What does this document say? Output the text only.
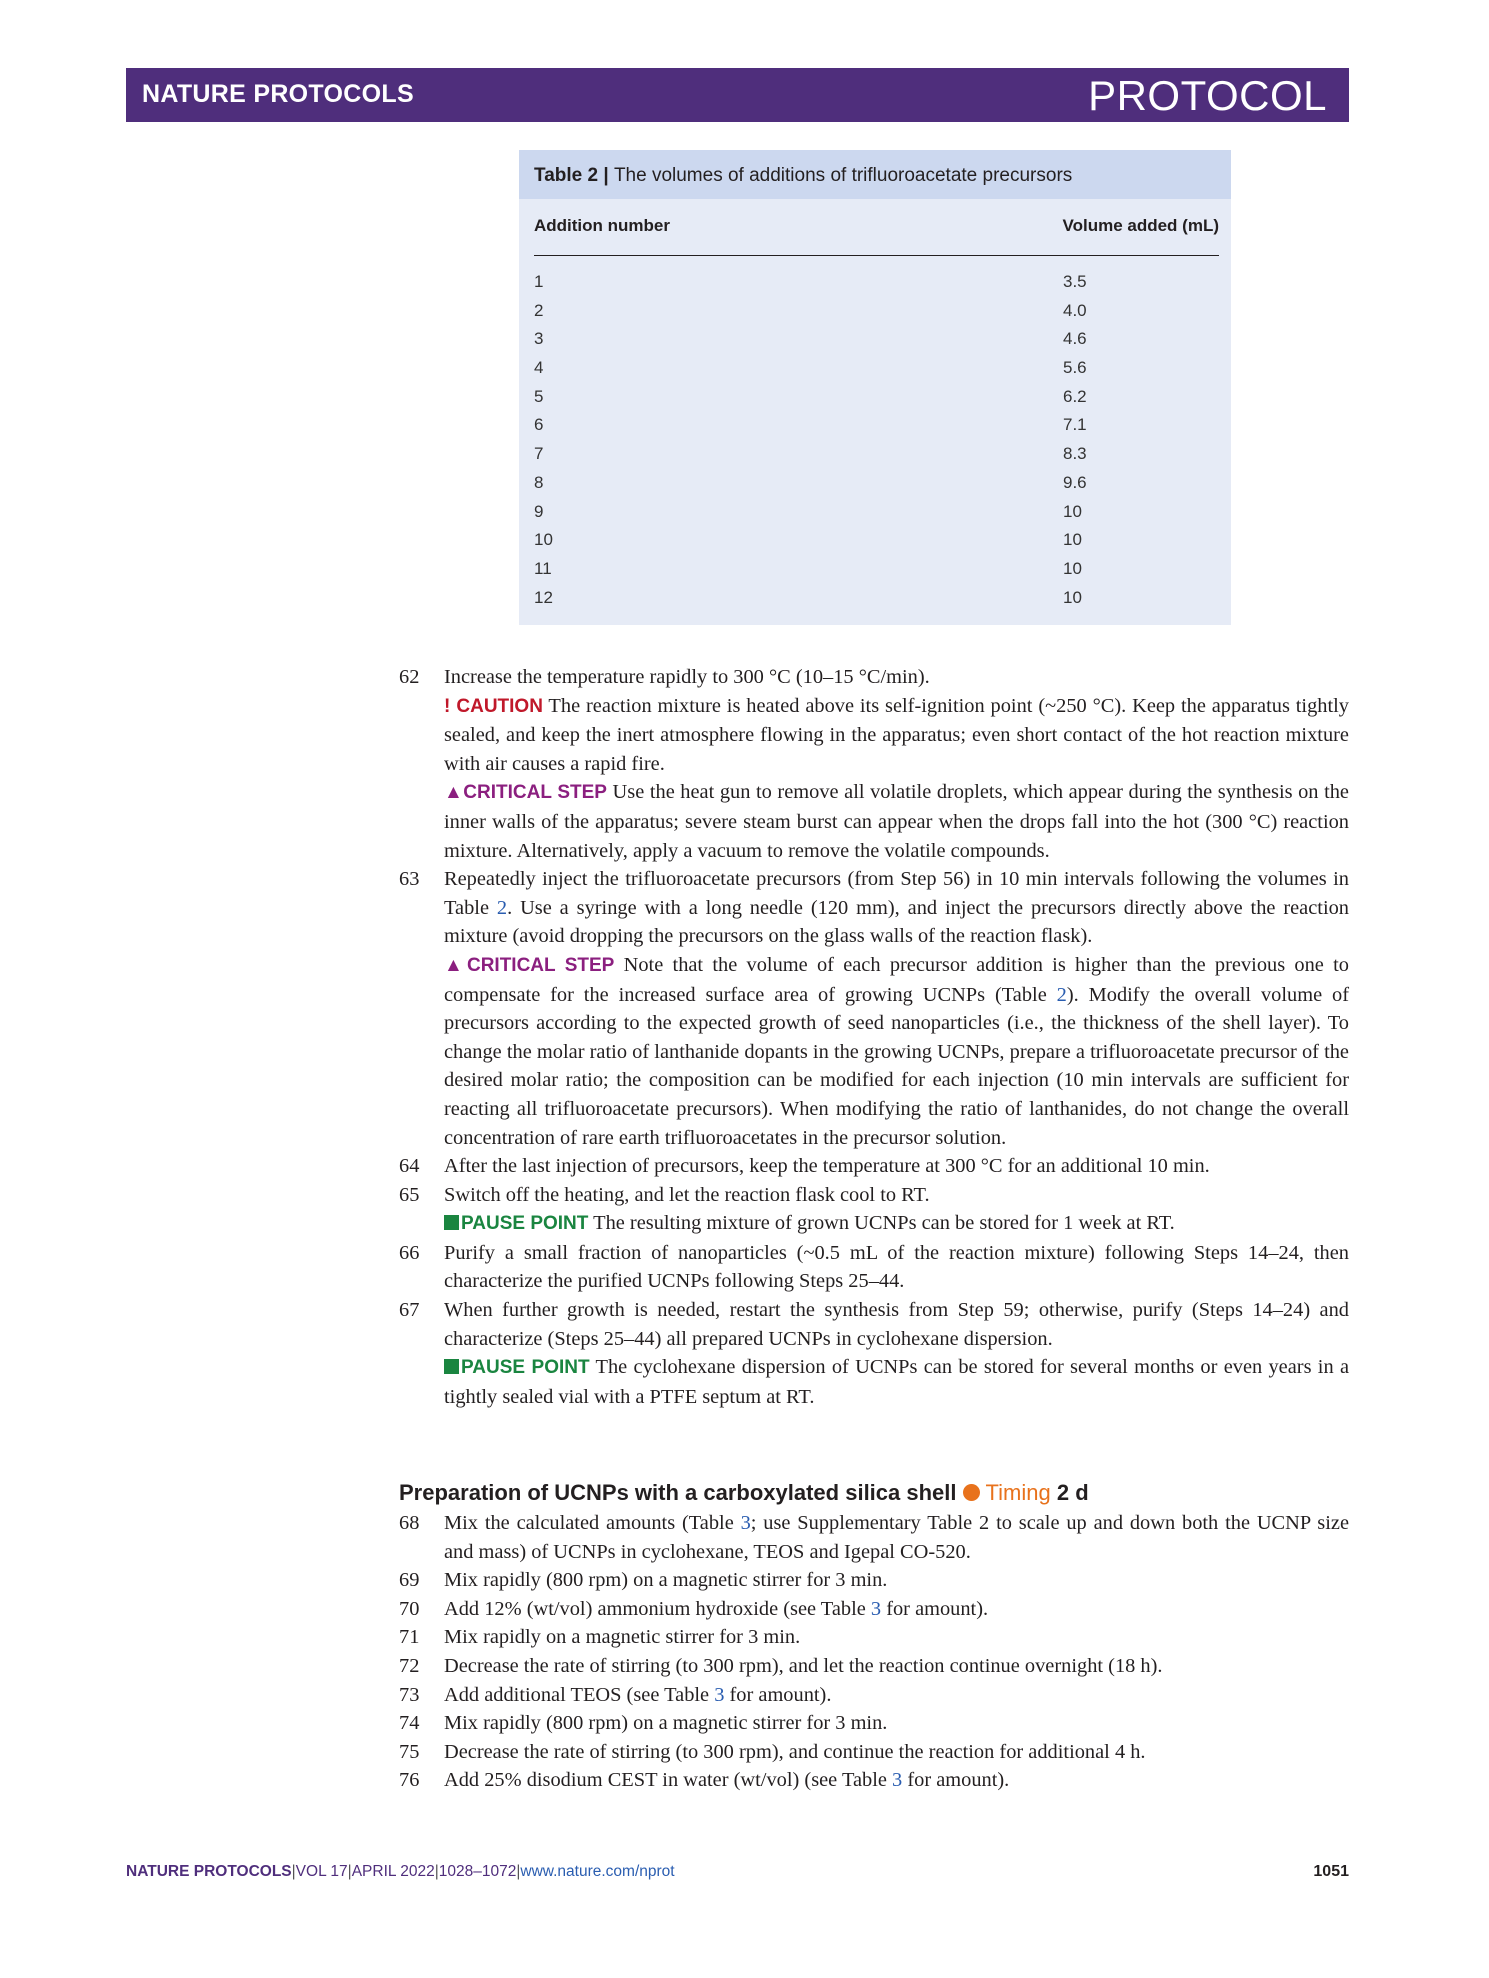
NATURE PROTOCOLS	PROTOCOL
Table 2 | The volumes of additions of trifluoroacetate precursors
Addition number	Volume added (mL)
1	3.5
2	4.0
3	4.6
4	5.6
5	6.2
6	7.1
7	8.3
8	9.6
9	10
10	10
11	10
12	10
62 Increase the temperature rapidly to 300 °C (10–15 °C/min).

! CAUTION The reaction mixture is heated above its self-ignition point (~250 °C). Keep the apparatus tightly sealed, and keep the inert atmosphere flowing in the apparatus; even short contact of the hot reaction mixture with air causes a rapid fire.

▲CRITICAL STEP Use the heat gun to remove all volatile droplets, which appear during the synthesis on the inner walls of the apparatus; severe steam burst can appear when the drops fall into the hot (300 °C) reaction mixture. Alternatively, apply a vacuum to remove the volatile compounds.

63 Repeatedly inject the trifluoroacetate precursors (from Step 56) in 10 min intervals following the volumes in Table 2. Use a syringe with a long needle (120 mm), and inject the precursors directly above the reaction mixture (avoid dropping the precursors on the glass walls of the reaction flask).

▲CRITICAL STEP Note that the volume of each precursor addition is higher than the previous one to compensate for the increased surface area of growing UCNPs (Table 2). Modify the overall volume of precursors according to the expected growth of seed nanoparticles (i.e., the thickness of the shell layer). To change the molar ratio of lanthanide dopants in the growing UCNPs, prepare a trifluoroacetate precursor of the desired molar ratio; the composition can be modified for each injection (10 min intervals are sufficient for reacting all trifluoroacetate precursors). When modifying the ratio of lanthanides, do not change the overall concentration of rare earth trifluoroacetates in the precursor solution.

64 After the last injection of precursors, keep the temperature at 300 °C for an additional 10 min.

65 Switch off the heating, and let the reaction flask cool to RT.

PAUSE POINT The resulting mixture of grown UCNPs can be stored for 1 week at RT.

66 Purify a small fraction of nanoparticles (~0.5 mL of the reaction mixture) following Steps 14–24, then characterize the purified UCNPs following Steps 25–44.

67 When further growth is needed, restart the synthesis from Step 59; otherwise, purify (Steps 14–24) and characterize (Steps 25–44) all prepared UCNPs in cyclohexane dispersion.

PAUSE POINT The cyclohexane dispersion of UCNPs can be stored for several months or even years in a tightly sealed vial with a PTFE septum at RT.

Preparation of UCNPs with a carboxylated silica shell Timing 2 d
68 Mix the calculated amounts (Table 3; use Supplementary Table 2 to scale up and down both the UCNP size and mass) of UCNPs in cyclohexane, TEOS and Igepal CO-520.

69 Mix rapidly (800 rpm) on a magnetic stirrer for 3 min.

70 Add 12% (wt/vol) ammonium hydroxide (see Table 3 for amount).

71 Mix rapidly on a magnetic stirrer for 3 min.

72 Decrease the rate of stirring (to 300 rpm), and let the reaction continue overnight (18 h).

73 Add additional TEOS (see Table 3 for amount).

74 Mix rapidly (800 rpm) on a magnetic stirrer for 3 min.

75 Decrease the rate of stirring (to 300 rpm), and continue the reaction for additional 4 h.

76 Add 25% disodium CEST in water (wt/vol) (see Table 3 for amount).

NATURE PROTOCOLS|VOL 17|APRIL 2022|1028–1072|www.nature.com/nprot	1051
